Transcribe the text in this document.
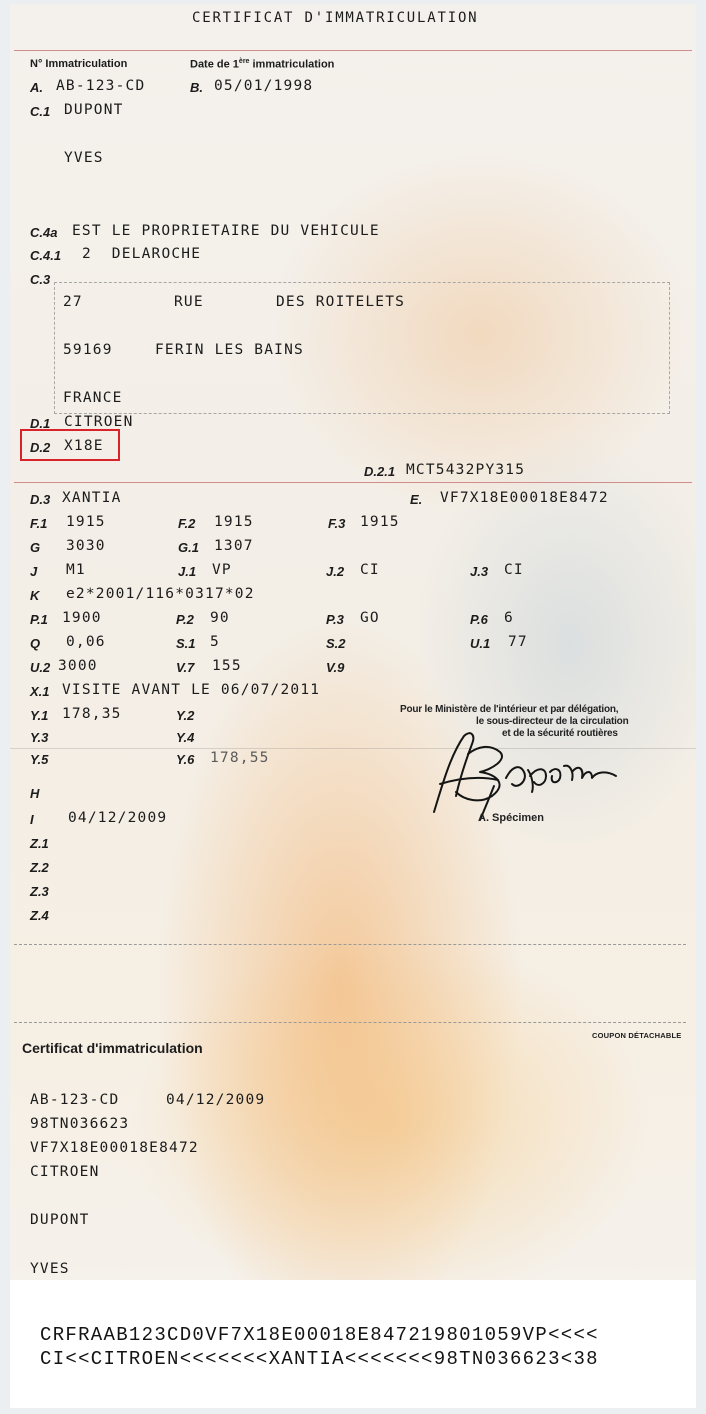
CERTIFICAT D'IMMATRICULATION
N° Immatriculation	Date de 1ère immatriculation
A. AB-123-CD	B. 05/01/1998
C.1 DUPONT
YVES
C.4a EST LE PROPRIETAIRE DU VEHICULE
C.4.1 2  DELAROCHE
C.3
27	RUE	DES ROITELETS
59169	FERIN LES BAINS
FRANCE
D.1 CITROEN
D.2 X18E
D.2.1 MCT5432PY315
D.3 XANTIA	E. VF7X18E00018E8472
F.1 1915	F.2 1915	F.3 1915
G 3030	G.1 1307
J M1	J.1 VP	J.2 CI	J.3 CI
K e2*2001/116*0317*02
P.1 1900	P.2 90	P.3 GO	P.6 6
Q 0,06	S.1 5	S.2	U.1 77
U.2 3000	V.7 155	V.9
X.1 VISITE AVANT LE 06/07/2011
Y.1 178,35	Y.2
Y.3	Y.4
Y.5	Y.6 178,55
Pour le Ministère de l'intérieur et par délégation,
le sous-directeur de la circulation
et de la sécurité routières
A. Spécimen
H
I 04/12/2009
Z.1
Z.2
Z.3
Z.4
COUPON DÉTACHABLE
Certificat d'immatriculation
AB-123-CD	04/12/2009
98TN036623
VF7X18E00018E8472
CITROEN
DUPONT
YVES
CRFRAAB123CD0VF7X18E00018E847219801059VP<<<<
CI<<CITROEN<<<<<<<XANTIA<<<<<<<98TN036623<38
